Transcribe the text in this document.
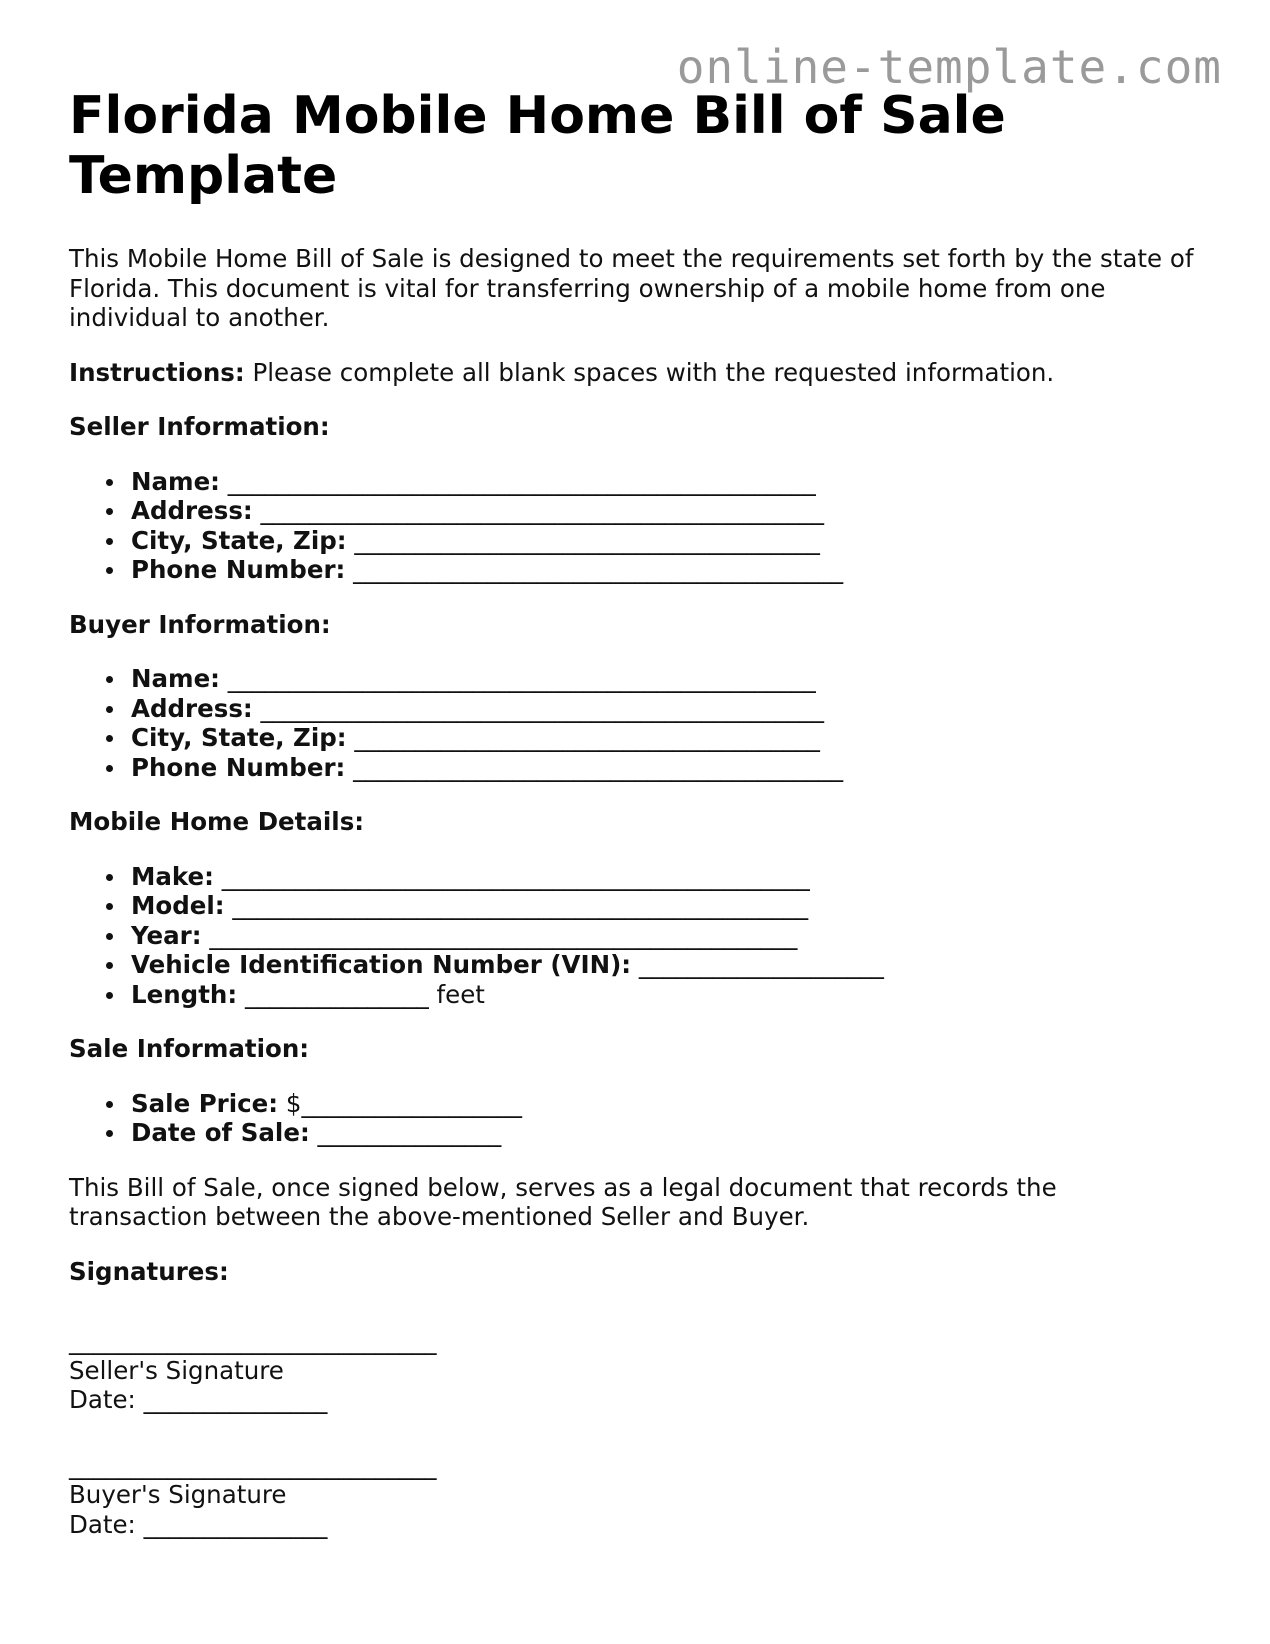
online-template.com
Florida Mobile Home Bill of Sale Template

This Mobile Home Bill of Sale is designed to meet the requirements set forth by the state of Florida. This document is vital for transferring ownership of a mobile home from one individual to another.

Instructions: Please complete all blank spaces with the requested information.

Seller Information:
Name: ________________________________________________
Address: ______________________________________________
City, State, Zip: ______________________________________
Phone Number: ________________________________________
Buyer Information:
Name: ________________________________________________
Address: ______________________________________________
City, State, Zip: ______________________________________
Phone Number: ________________________________________
Mobile Home Details:
Make: ________________________________________________
Model: _______________________________________________
Year: ________________________________________________
Vehicle Identification Number (VIN): ____________________
Length: _______________ feet
Sale Information:
Sale Price: $__________________
Date of Sale: _______________

This Bill of Sale, once signed below, serves as a legal document that records the transaction between the above-mentioned Seller and Buyer.

Signatures:
______________________________
Seller's Signature
Date: _______________
______________________________
Buyer's Signature
Date: _______________
